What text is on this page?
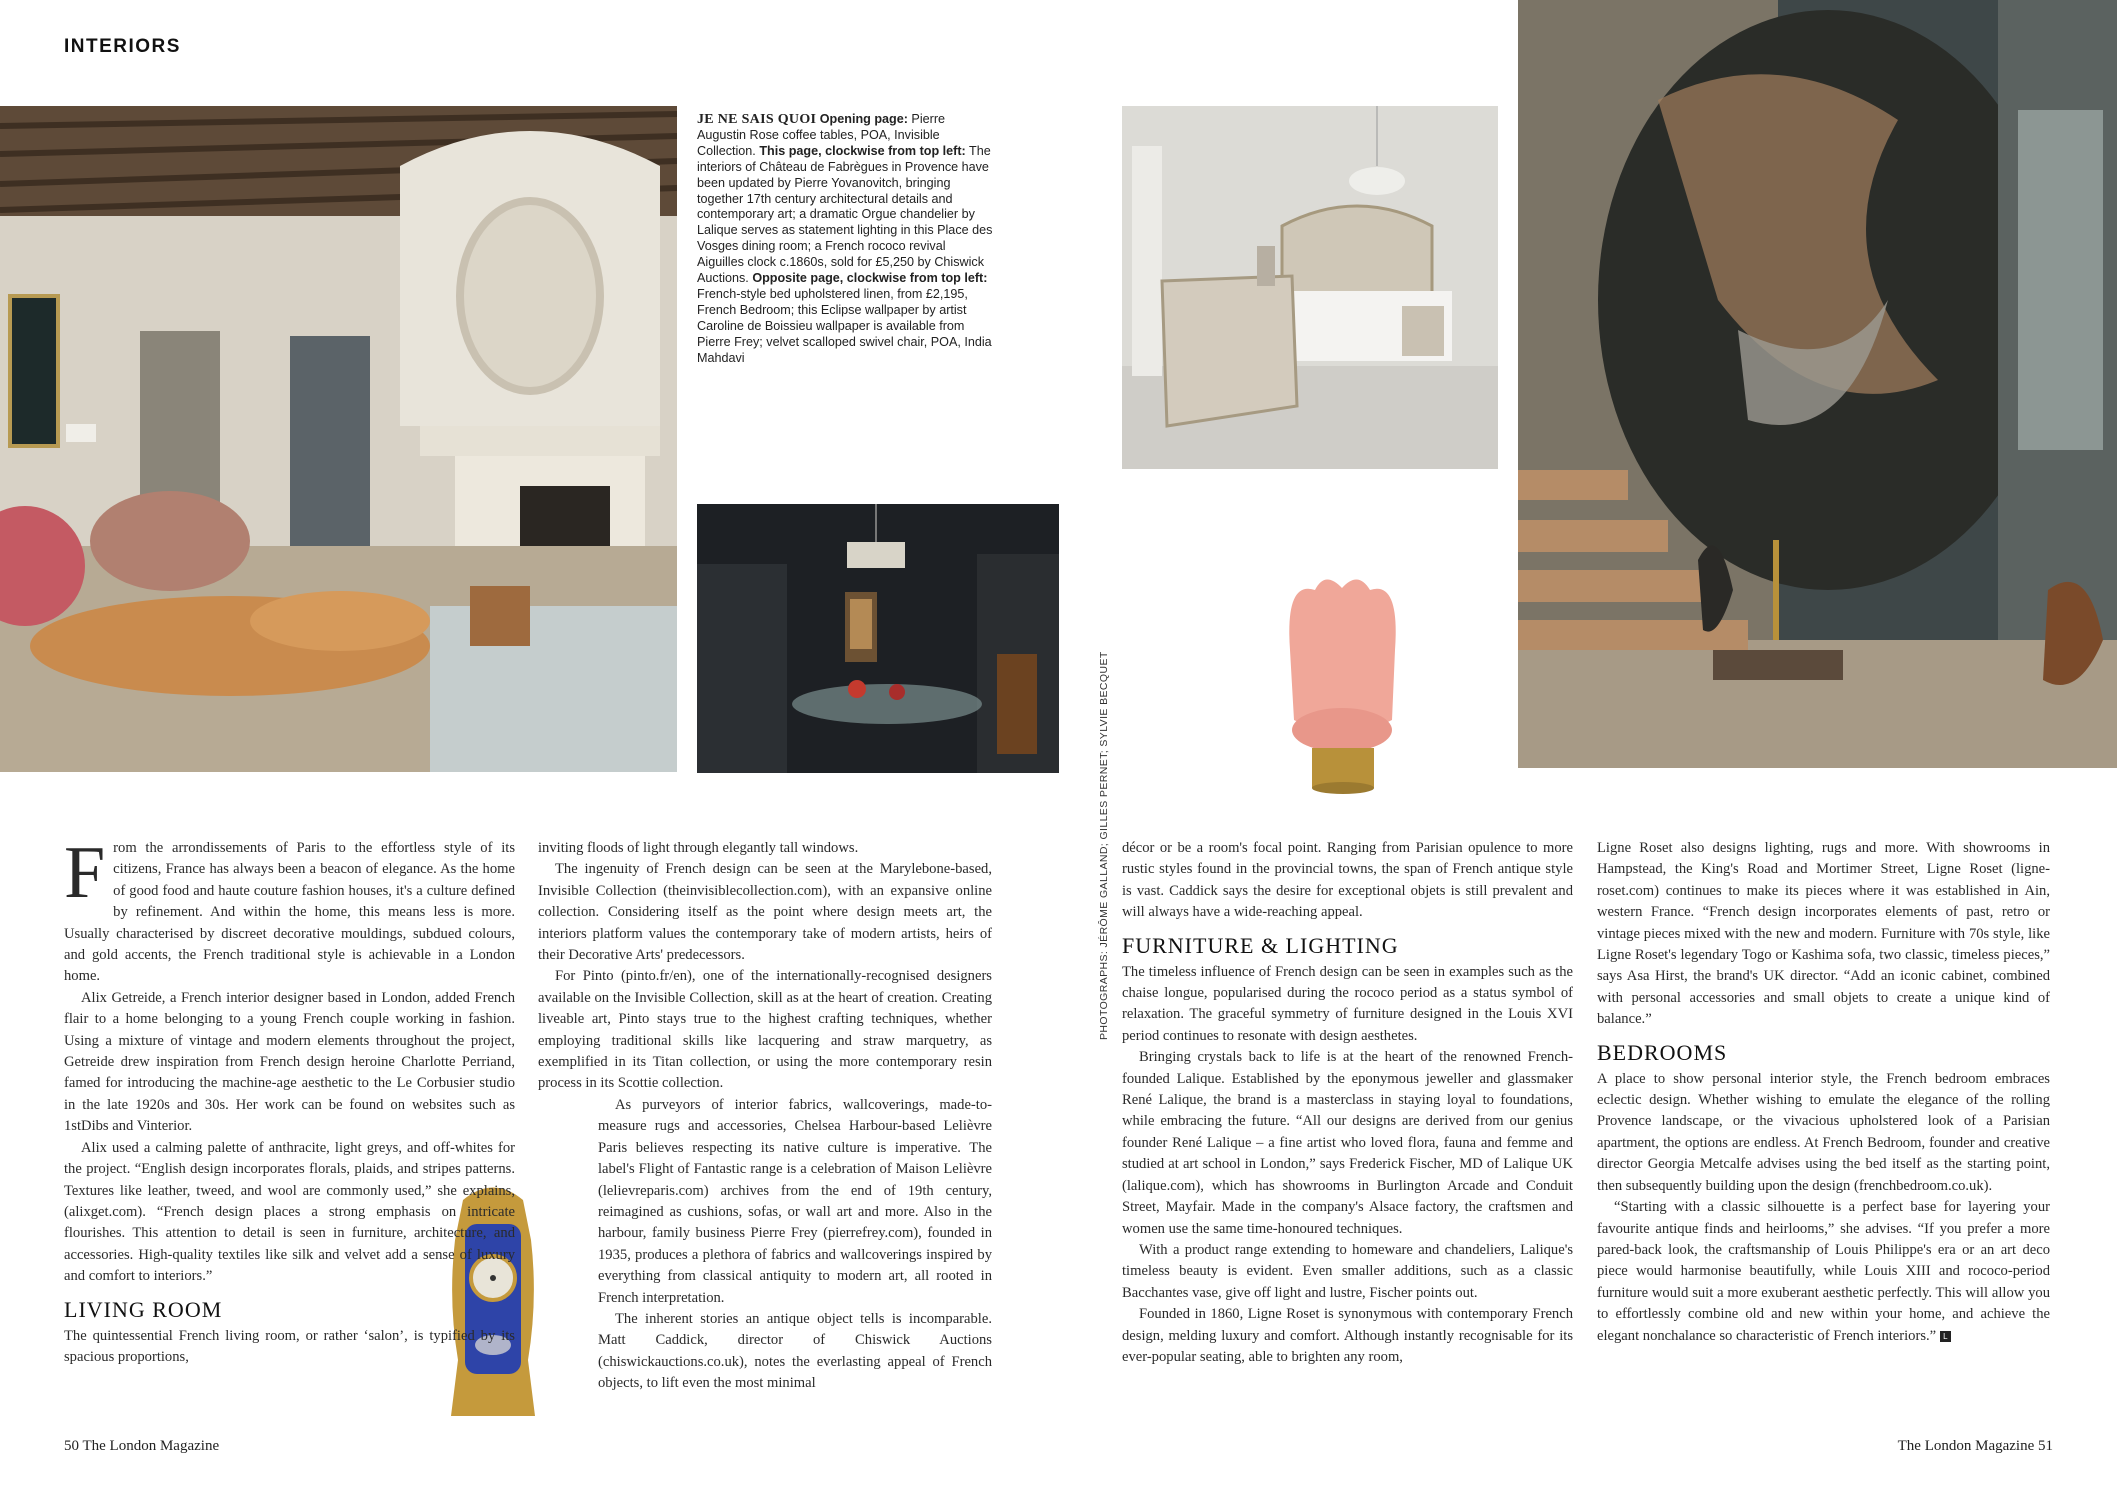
INTERIORS
JE NE SAIS QUOI Opening page: Pierre Augustin Rose coffee tables, POA, Invisible Collection. This page, clockwise from top left: The interiors of Château de Fabrègues in Provence have been updated by Pierre Yovanovitch, bringing together 17th century architectural details and contemporary art; a dramatic Orgue chandelier by Lalique serves as statement lighting in this Place des Vosges dining room; a French rococo revival Aiguilles clock c.1860s, sold for £5,250 by Chiswick Auctions. Opposite page, clockwise from top left: French-style bed upholstered linen, from £2,195, French Bedroom; this Eclipse wallpaper by artist Caroline de Boissieu wallpaper is available from Pierre Frey; velvet scalloped swivel chair, POA, India Mahdavi

From the arrondissements of Paris to the effortless style of its citizens, France has always been a beacon of elegance. As the home of good food and haute couture fashion houses, it's a culture defined by refinement. And within the home, this means less is more. Usually characterised by discreet decorative mouldings, subdued colours, and gold accents, the French traditional style is achievable in a London home.

Alix Getreide, a French interior designer based in London, added French flair to a home belonging to a young French couple working in fashion. Using a mixture of vintage and modern elements throughout the project, Getreide drew inspiration from French design heroine Charlotte Perriand, famed for introducing the machine-age aesthetic to the Le Corbusier studio in the late 1920s and 30s. Her work can be found on websites such as 1stDibs and Vinterior.

Alix used a calming palette of anthracite, light greys, and off-whites for the project. “English design incorporates florals, plaids, and stripes patterns. Textures like leather, tweed, and wool are commonly used,” she explains, (alixget.com). “French design places a strong emphasis on intricate flourishes. This attention to detail is seen in furniture, architecture, and accessories. High-quality textiles like silk and velvet add a sense of luxury and comfort to interiors.”

LIVING ROOM

The quintessential French living room, or rather ‘salon’, is typified by its spacious proportions,

inviting floods of light through elegantly tall windows.

The ingenuity of French design can be seen at the Marylebone-based, Invisible Collection (theinvisiblecollection.com), with an expansive online collection. Considering itself as the point where design meets art, the interiors platform values the contemporary take of modern artists, heirs of their Decorative Arts' predecessors.

For Pinto (pinto.fr/en), one of the internationally-recognised designers available on the Invisible Collection, skill as at the heart of creation. Creating liveable art, Pinto stays true to the highest crafting techniques, whether employing traditional skills like lacquering and straw marquetry, as exemplified in its Titan collection, or using the more contemporary resin process in its Scottie collection.

As purveyors of interior fabrics, wallcoverings, made-to-measure rugs and accessories, Chelsea Harbour-based Lelièvre Paris believes respecting its native culture is imperative. The label's Flight of Fantastic range is a celebration of Maison Lelièvre (lelievreparis.com) archives from the end of 19th century, reimagined as cushions, sofas, or wall art and more. Also in the harbour, family business Pierre Frey (pierrefrey.com), founded in 1935, produces a plethora of fabrics and wallcoverings inspired by everything from classical antiquity to modern art, all rooted in French interpretation.

The inherent stories an antique object tells is incomparable. Matt Caddick, director of Chiswick Auctions (chiswickauctions.co.uk), notes the everlasting appeal of French objects, to lift even the most minimal

PHOTOGRAPHS: JÉRÔME GALLAND; GILLES PERNET; SYLVIE BECQUET décor or be a room's focal point. Ranging from Parisian opulence to more rustic styles found in the provincial towns, the span of French antique style is vast. Caddick says the desire for exceptional objets is still prevalent and will always have a wide-reaching appeal.

FURNITURE & LIGHTING

The timeless influence of French design can be seen in examples such as the chaise longue, popularised during the rococo period as a status symbol of relaxation. The graceful symmetry of furniture designed in the Louis XVI period continues to resonate with design aesthetes.

Bringing crystals back to life is at the heart of the renowned French-founded Lalique. Established by the eponymous jeweller and glassmaker René Lalique, the brand is a masterclass in staying loyal to foundations, while embracing the future. “All our designs are derived from our genius founder René Lalique – a fine artist who loved flora, fauna and femme and studied at art school in London,” says Frederick Fischer, MD of Lalique UK (lalique.com), which has showrooms in Burlington Arcade and Conduit Street, Mayfair. Made in the company's Alsace factory, the craftsmen and women use the same time-honoured techniques.

With a product range extending to homeware and chandeliers, Lalique's timeless beauty is evident. Even smaller additions, such as a classic Bacchantes vase, give off light and lustre, Fischer points out.

Founded in 1860, Ligne Roset is synonymous with contemporary French design, melding luxury and comfort. Although instantly recognisable for its ever-popular seating, able to brighten any room,

Ligne Roset also designs lighting, rugs and more. With showrooms in Hampstead, the King's Road and Mortimer Street, Ligne Roset (ligne-roset.com) continues to make its pieces where it was established in Ain, western France. “French design incorporates elements of past, retro or vintage pieces mixed with the new and modern. Furniture with 70s style, like Ligne Roset's legendary Togo or Kashima sofa, two classic, timeless pieces,” says Asa Hirst, the brand's UK director. “Add an iconic cabinet, combined with personal accessories and small objets to create a unique kind of balance.”

BEDROOMS

A place to show personal interior style, the French bedroom embraces eclectic design. Whether wishing to emulate the elegance of the rolling Provence landscape, or the vivacious upholstered look of a Parisian apartment, the options are endless. At French Bedroom, founder and creative director Georgia Metcalfe advises using the bed itself as the starting point, then subsequently building upon the design (frenchbedroom.co.uk).

“Starting with a classic silhouette is a perfect base for layering your favourite antique finds and heirlooms,” she advises. “If you prefer a more pared-back look, the craftsmanship of Louis Philippe's era or an art deco piece would harmonise beautifully, while Louis XIII and rococo-period furniture would suit a more exuberant aesthetic perfectly. This will allow you to effortlessly combine old and new within your home, and achieve the elegant nonchalance so characteristic of French interiors.” L

50 The London Magazine	The London Magazine 51
